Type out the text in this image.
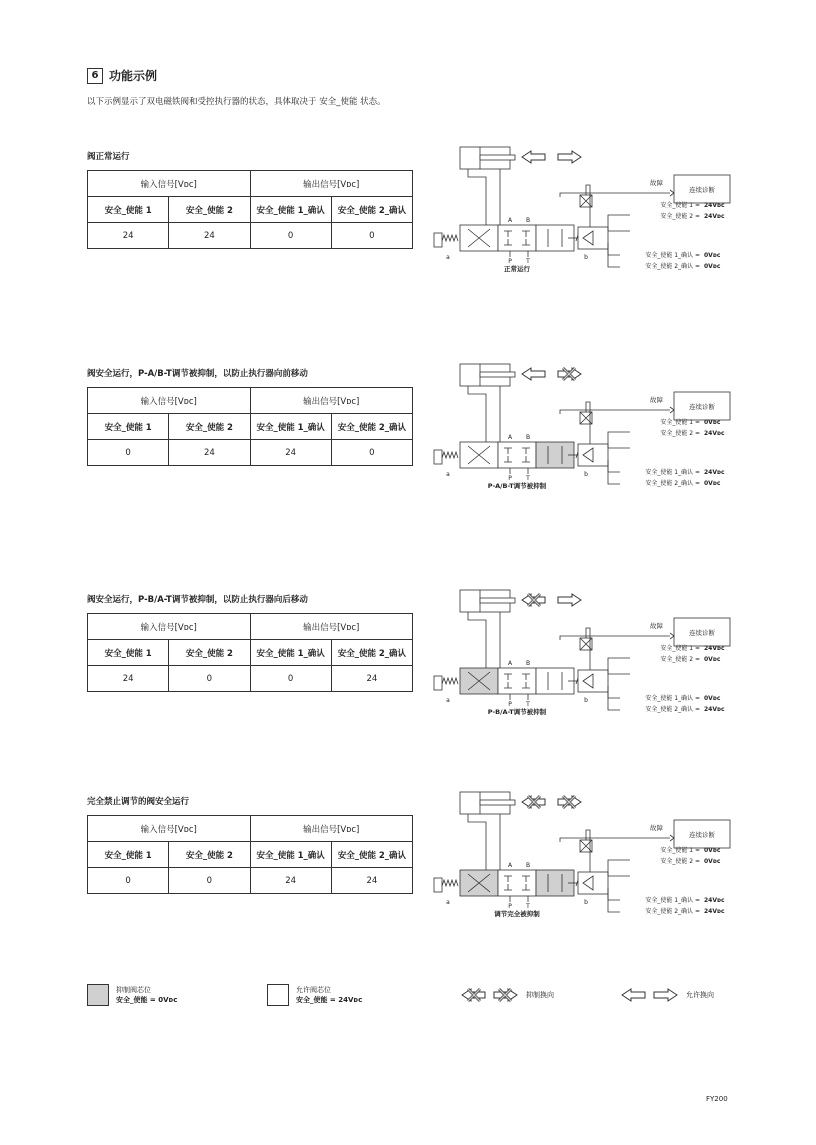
6 功能示例
以下示例显示了双电磁铁阀和受控执行器的状态，具体取决于 安全_使能 状态。
阀正常运行
输入信号[Vᴅᴄ]		输出信号[Vᴅᴄ]	
安全_使能 1	安全_使能 2	安全_使能 1_确认	安全_使能 2_确认
24	24	0	0
故障
连续诊断
A B
P T
a	b
正常运行
安全_使能 1 = 24Vᴅᴄ
安全_使能 2 = 24Vᴅᴄ
安全_使能 1_确认 = 0Vᴅᴄ
安全_使能 2_确认 = 0Vᴅᴄ
阀安全运行，P-A/B-T调节被抑制，以防止执行器向前移动
输入信号[Vᴅᴄ]		输出信号[Vᴅᴄ]	
安全_使能 1	安全_使能 2	安全_使能 1_确认	安全_使能 2_确认
0	24	24	0
故障
连续诊断
A B
P T
a	b
P-A/B-T调节被抑制
安全_使能 1 = 0Vᴅᴄ
安全_使能 2 = 24Vᴅᴄ
安全_使能 1_确认 = 24Vᴅᴄ
安全_使能 2_确认 = 0Vᴅᴄ
阀安全运行，P-B/A-T调节被抑制，以防止执行器向后移动
输入信号[Vᴅᴄ]		输出信号[Vᴅᴄ]	
安全_使能 1	安全_使能 2	安全_使能 1_确认	安全_使能 2_确认
24	0	0	24
故障
连续诊断
A B
P T
a	b
P-B/A-T调节被抑制
安全_使能 1 = 24Vᴅᴄ
安全_使能 2 = 0Vᴅᴄ
安全_使能 1_确认 = 0Vᴅᴄ
安全_使能 2_确认 = 24Vᴅᴄ
完全禁止调节的阀安全运行
输入信号[Vᴅᴄ]		输出信号[Vᴅᴄ]	
安全_使能 1	安全_使能 2	安全_使能 1_确认	安全_使能 2_确认
0	0	24	24
故障
连续诊断
A B
P T
a	b
调节完全被抑制
安全_使能 1 = 0Vᴅᴄ
安全_使能 2 = 0Vᴅᴄ
安全_使能 1_确认 = 24Vᴅᴄ
安全_使能 2_确认 = 24Vᴅᴄ
抑制阀芯位
安全_使能 = 0Vᴅᴄ
允许阀芯位
安全_使能 = 24Vᴅᴄ
抑制换向	允许换向
FY200
